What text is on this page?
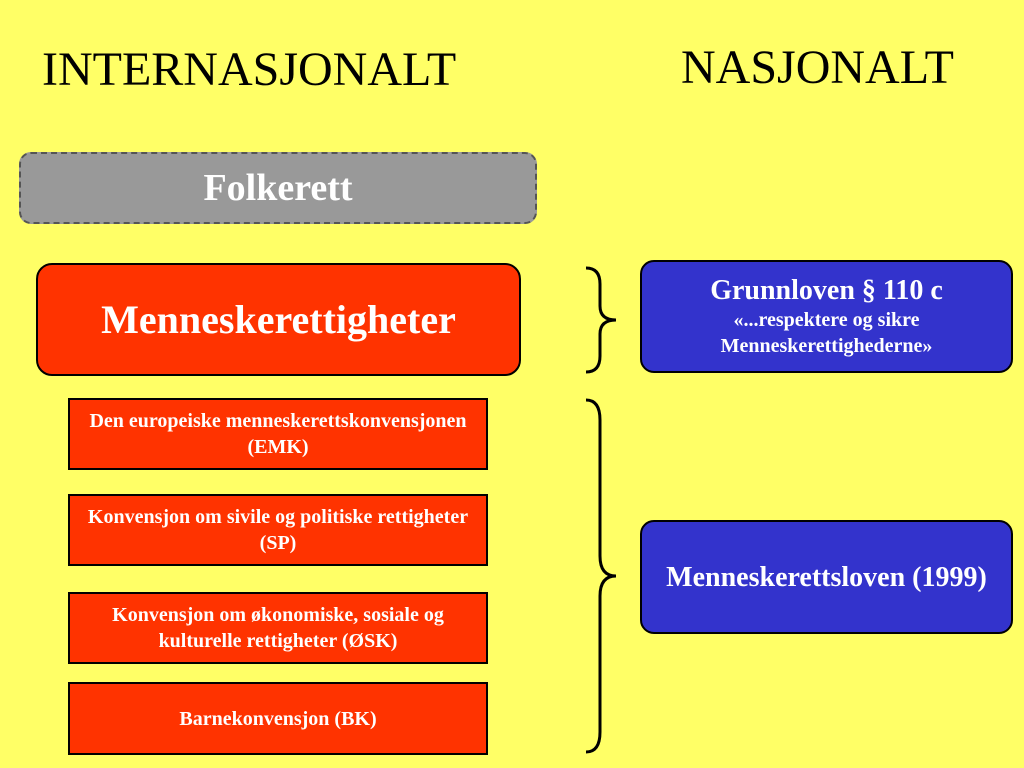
INTERNASJONALT	NASJONALT
Folkerett
Menneskerettigheter
Den europeiske menneskerettskonvensjonen (EMK)
Konvensjon om sivile og politiske rettigheter (SP)
Konvensjon om økonomiske, sosiale og kulturelle rettigheter (ØSK)
Barnekonvensjon (BK)
Grunnloven § 110 c
«...respektere og sikre Menneskerettighederne»
Menneskerettsloven (1999)
